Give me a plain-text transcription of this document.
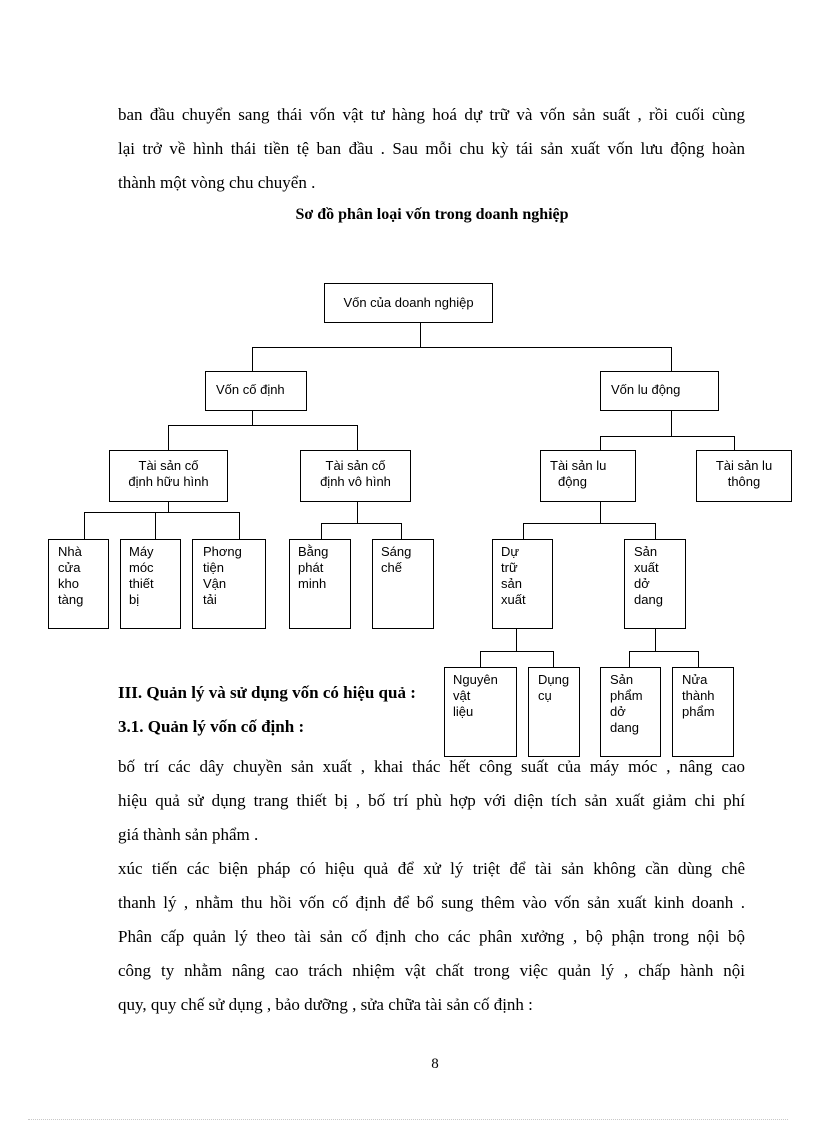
ban đầu chuyển sang thái vốn vật tư hàng hoá dự trữ và vốn sản suất , rồi cuối cùng
lại trở về hình thái tiền tệ ban đầu . Sau mỗi chu kỳ tái sản xuất vốn lưu động hoàn
thành một vòng chu chuyển .
Sơ đồ phân loại vốn trong doanh nghiệp
Vốn của doanh nghiệp
Vốn cố định	Vốn lu động
Tài sản cố
định hữu hình
Tài sản cố
định vô hình
Tài sản lu
động
Tài sản lu
thông
Nhà
cửa
kho
tàng
Máy
móc
thiết
bị
Phơng
tiện
Vận
tải
Bằng
phát
minh
Sáng
chế
Dự
trữ
sản
xuất
Sản
xuất
dở
dang
III. Quản lý và sử dụng vốn có hiệu quả :
3.1. Quản lý vốn cố định :
Nguyên
vật
liệu
Dụng
cụ
Sản
phẩm
dở
dang
Nửa
thành
phẩm
bố trí các dây chuyền sản xuất , khai thác hết công suất của máy móc , nâng cao
hiệu quả sử dụng trang thiết bị , bố trí phù hợp với diện tích sản xuất giảm chi phí
giá thành sản phẩm .
xúc tiến các biện pháp có hiệu quả để xử lý triệt để tài sản không cần dùng chê
thanh lý , nhằm thu hồi vốn cố định để bổ sung thêm vào vốn sản xuất kinh doanh .
Phân cấp quản lý theo tài sản cố định cho các phân xưởng , bộ phận trong nội bộ
công ty nhằm nâng cao trách nhiệm vật chất trong việc quản lý , chấp hành nội
quy, quy chế sử dụng , bảo dưỡng , sửa chữa tài sản cố định :
8
